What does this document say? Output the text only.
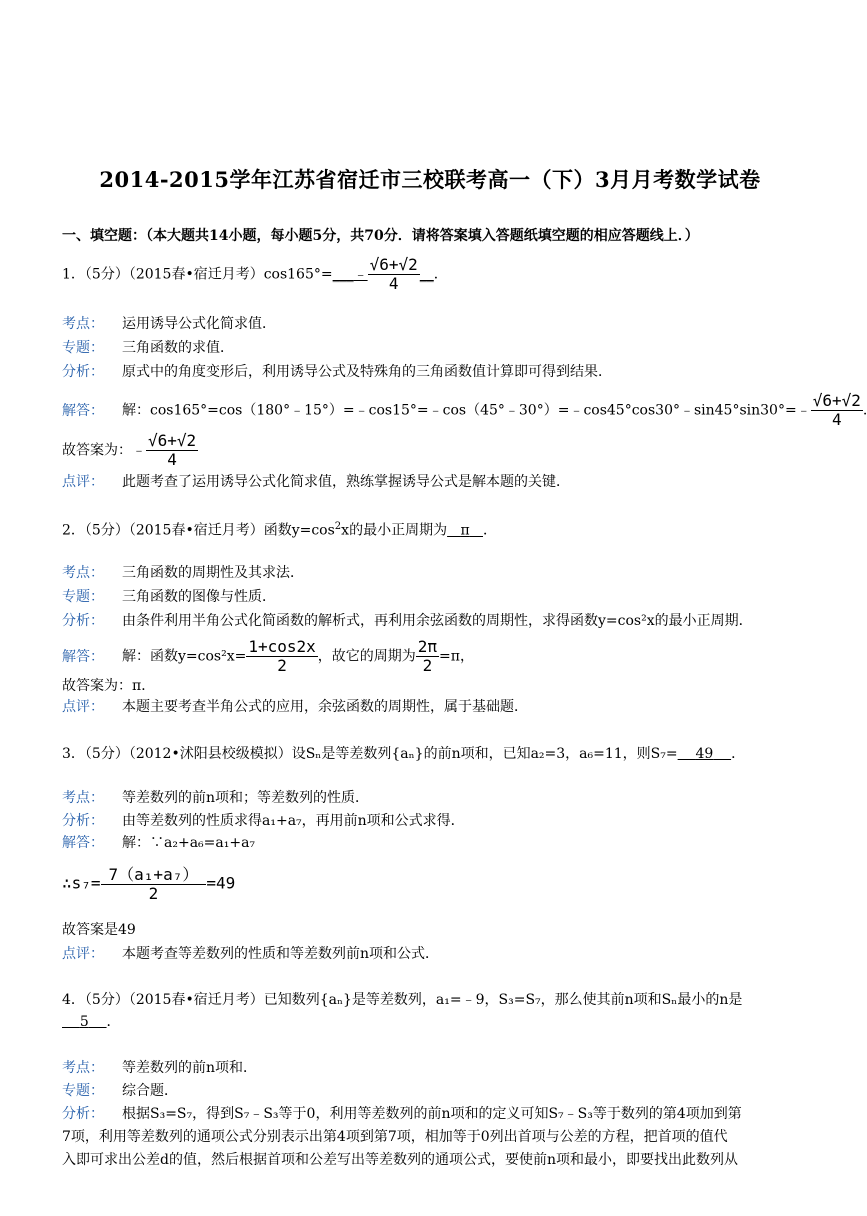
2014-2015学年江苏省宿迁市三校联考高一（下）3月月考数学试卷
一、填空题：（本大题共14小题，每小题5分，共70分．请将答案填入答题纸填空题的相应答题线上．）
1．（5分）（2015春•宿迁月考）cos165°=___﹣ $\frac{√6+√2}{4}$ __．
考点： 运用诱导公式化简求值．
专题： 三角函数的求值．
分析： 原式中的角度变形后，利用诱导公式及特殊角的三角函数值计算即可得到结果．
解答： 解：cos165°=cos（180°﹣15°）=﹣cos15°=﹣cos（45°﹣30°）=﹣cos45°cos30°﹣sin45°sin30°=﹣ $\frac{√6+√2}{4}$ .
故答案为：﹣ $\frac{√6+√2}{4}$
点评： 此题考查了运用诱导公式化简求值，熟练掌握诱导公式是解本题的关键．
2．（5分）（2015春•宿迁月考）函数$y=\cos^2x$的最小正周期为 π ．
考点： 三角函数的周期性及其求法．
专题： 三角函数的图像与性质．
分析： 由条件利用半角公式化简函数的解析式，再利用余弦函数的周期性，求得函数y=cos²x的最小正周期．
解答： 解：函数$y=\cos^2x= \frac{1+\cos 2x}{2}$ ，故它的周期为 $\frac{2\pi}{2} =\pi$，
故答案为：π．
点评： 本题主要考查半角公式的应用，余弦函数的周期性，属于基础题．
3．（5分）（2012•沭阳县校级模拟）设Sₙ是等差数列{aₙ}的前n项和，已知a₂=3，a₆=11，则S₇= 49 ．
考点： 等差数列的前n项和；等差数列的性质．
分析： 由等差数列的性质求得a₁+a₇，再用前n项和公式求得．
解答： 解：∵a₂+a₆=a₁+a₇
∴s₇= $\frac{\text{7（a₁+a₇）}}{2} =49$
故答案是49
点评： 本题考查等差数列的性质和等差数列前n项和公式．
4．（5分）（2015春•宿迁月考）已知数列{aₙ}是等差数列，a₁=﹣9，S₃=S₇，那么使其前n项和Sₙ最小的n是
5 ．
考点： 等差数列的前n项和．
专题： 综合题．
分析： 根据S₃=S₇，得到S₇﹣S₃等于0，利用等差数列的前n项和的定义可知S₇﹣S₃等于数列的第4项加到第
7项，利用等差数列的通项公式分别表示出第4项到第7项，相加等于0列出首项与公差的方程，把首项的值代
入即可求出公差d的值，然后根据首项和公差写出等差数列的通项公式，要使前n项和最小，即要找出此数列从
